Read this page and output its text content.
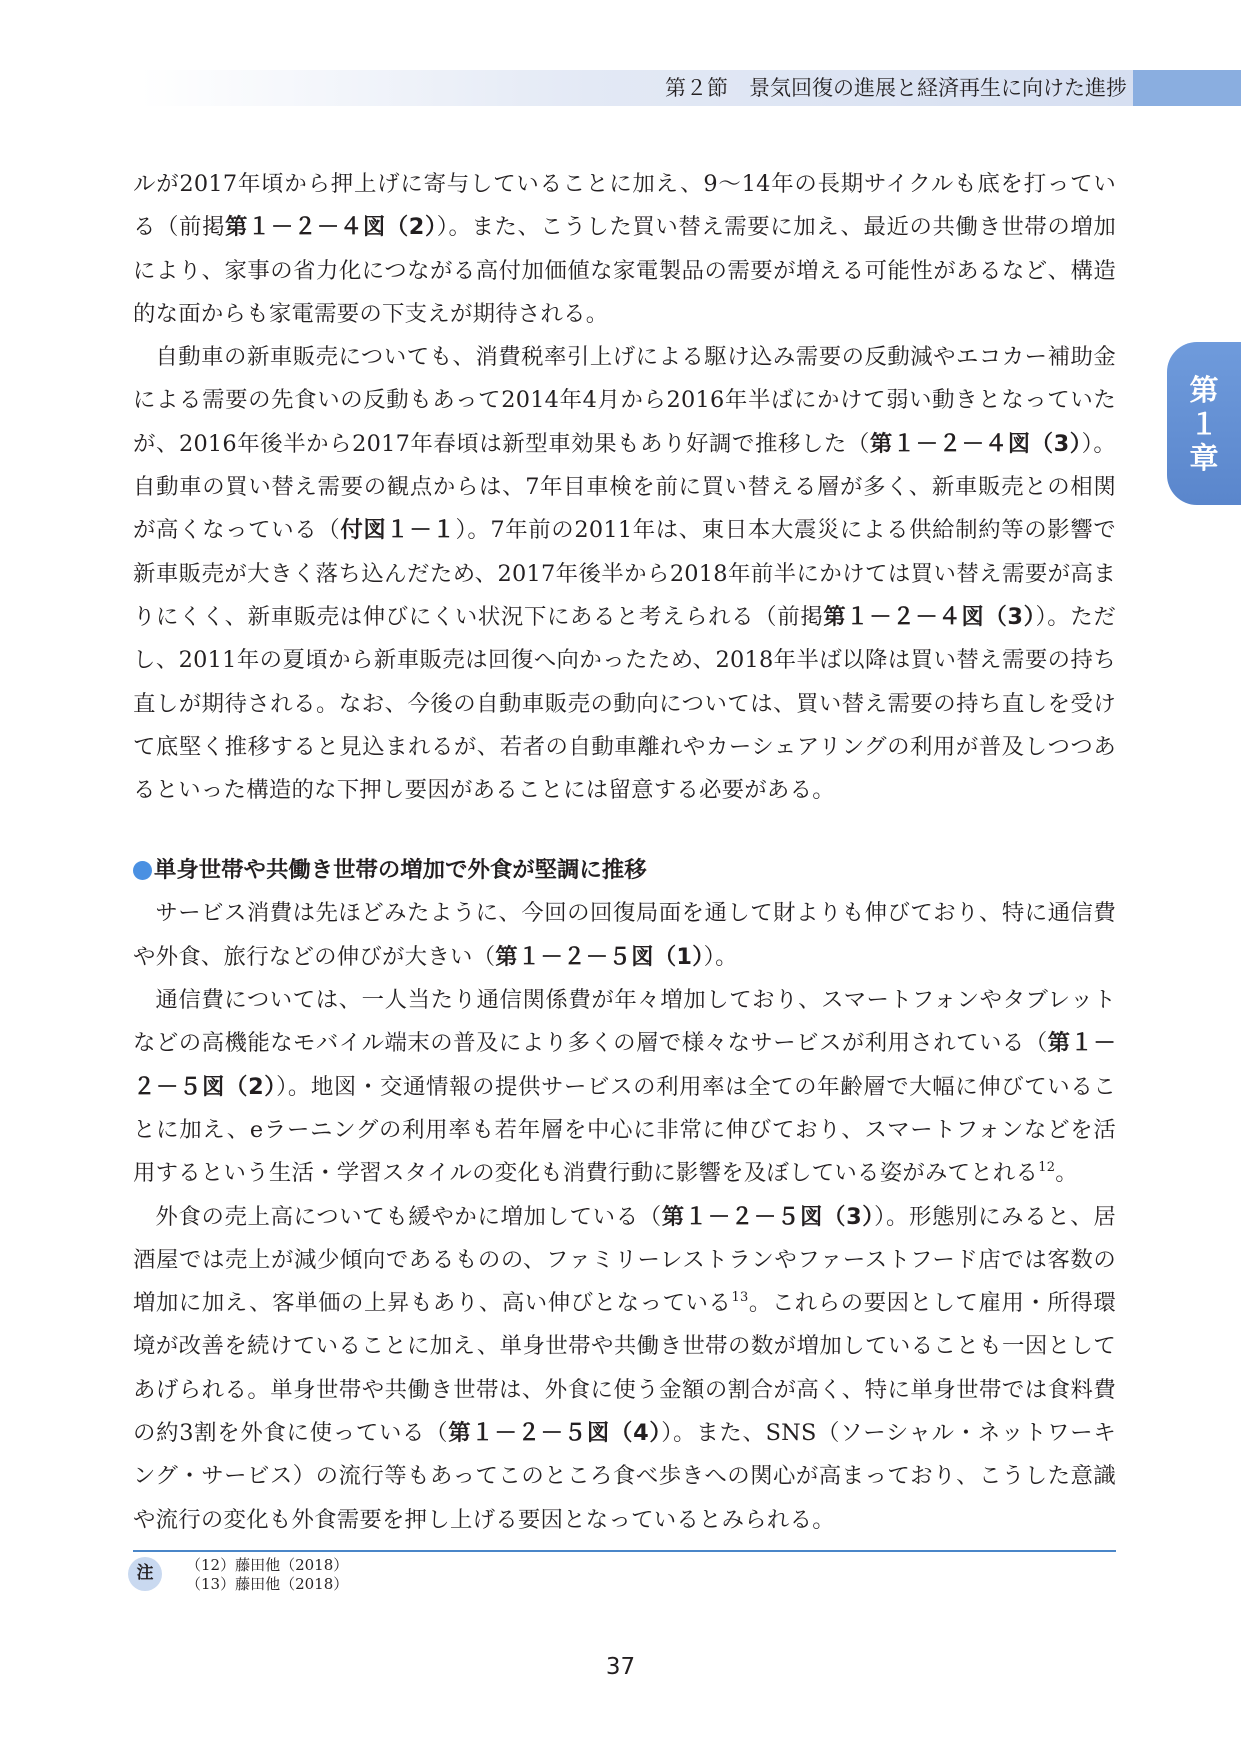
第２節　景気回復の進展と経済再生に向けた進捗
第
１
章

ルが2017年頃から押上げに寄与していることに加え、9～14年の長期サイクルも底を打っている（前掲第１－２－４図（2））。また、こうした買い替え需要に加え、最近の共働き世帯の増加により、家事の省力化につながる高付加価値な家電製品の需要が増える可能性があるなど、構造的な面からも家電需要の下支えが期待される。

自動車の新車販売についても、消費税率引上げによる駆け込み需要の反動減やエコカー補助金による需要の先食いの反動もあって2014年4月から2016年半ばにかけて弱い動きとなっていたが、2016年後半から2017年春頃は新型車効果もあり好調で推移した（第１－２－４図（3））。自動車の買い替え需要の観点からは、7年目車検を前に買い替える層が多く、新車販売との相関が高くなっている（付図１－１）。7年前の2011年は、東日本大震災による供給制約等の影響で新車販売が大きく落ち込んだため、2017年後半から2018年前半にかけては買い替え需要が高まりにくく、新車販売は伸びにくい状況下にあると考えられる（前掲第１－２－４図（3））。ただし、2011年の夏頃から新車販売は回復へ向かったため、2018年半ば以降は買い替え需要の持ち直しが期待される。なお、今後の自動車販売の動向については、買い替え需要の持ち直しを受けて底堅く推移すると見込まれるが、若者の自動車離れやカーシェアリングの利用が普及しつつあるといった構造的な下押し要因があることには留意する必要がある。

単身世帯や共働き世帯の増加で外食が堅調に推移

サービス消費は先ほどみたように、今回の回復局面を通して財よりも伸びており、特に通信費や外食、旅行などの伸びが大きい（第１－２－５図（1））。

通信費については、一人当たり通信関係費が年々増加しており、スマートフォンやタブレットなどの高機能なモバイル端末の普及により多くの層で様々なサービスが利用されている（第１－２－５図（2））。地図・交通情報の提供サービスの利用率は全ての年齢層で大幅に伸びていることに加え、eラーニングの利用率も若年層を中心に非常に伸びており、スマートフォンなどを活用するという生活・学習スタイルの変化も消費行動に影響を及ぼしている姿がみてとれる$^{12}$。

外食の売上高についても緩やかに増加している（第１－２－５図（3））。形態別にみると、居酒屋では売上が減少傾向であるものの、ファミリーレストランやファーストフード店では客数の増加に加え、客単価の上昇もあり、高い伸びとなっている$^{13}$。これらの要因として雇用・所得環境が改善を続けていることに加え、単身世帯や共働き世帯の数が増加していることも一因としてあげられる。単身世帯や共働き世帯は、外食に使う金額の割合が高く、特に単身世帯では食料費の約3割を外食に使っている（第１－２－５図（4））。また、SNS（ソーシャル・ネットワーキング・サービス）の流行等もあってこのところ食べ歩きへの関心が高まっており、こうした意識や流行の変化も外食需要を押し上げる要因となっているとみられる。

注	（12）藤田他（2018）
（13）藤田他（2018）
37
